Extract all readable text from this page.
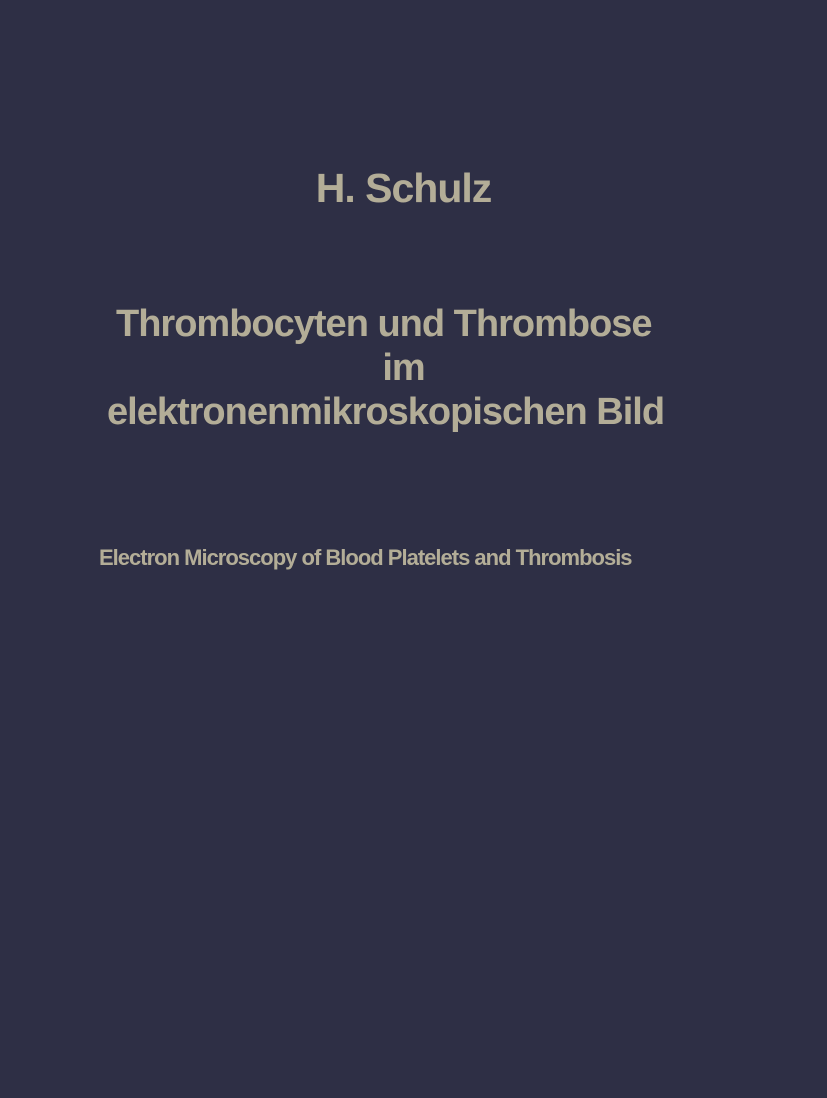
H. Schulz
Thrombocyten und Thrombose
im
elektronenmikroskopischen Bild
Electron Microscopy of Blood Platelets and Thrombosis
